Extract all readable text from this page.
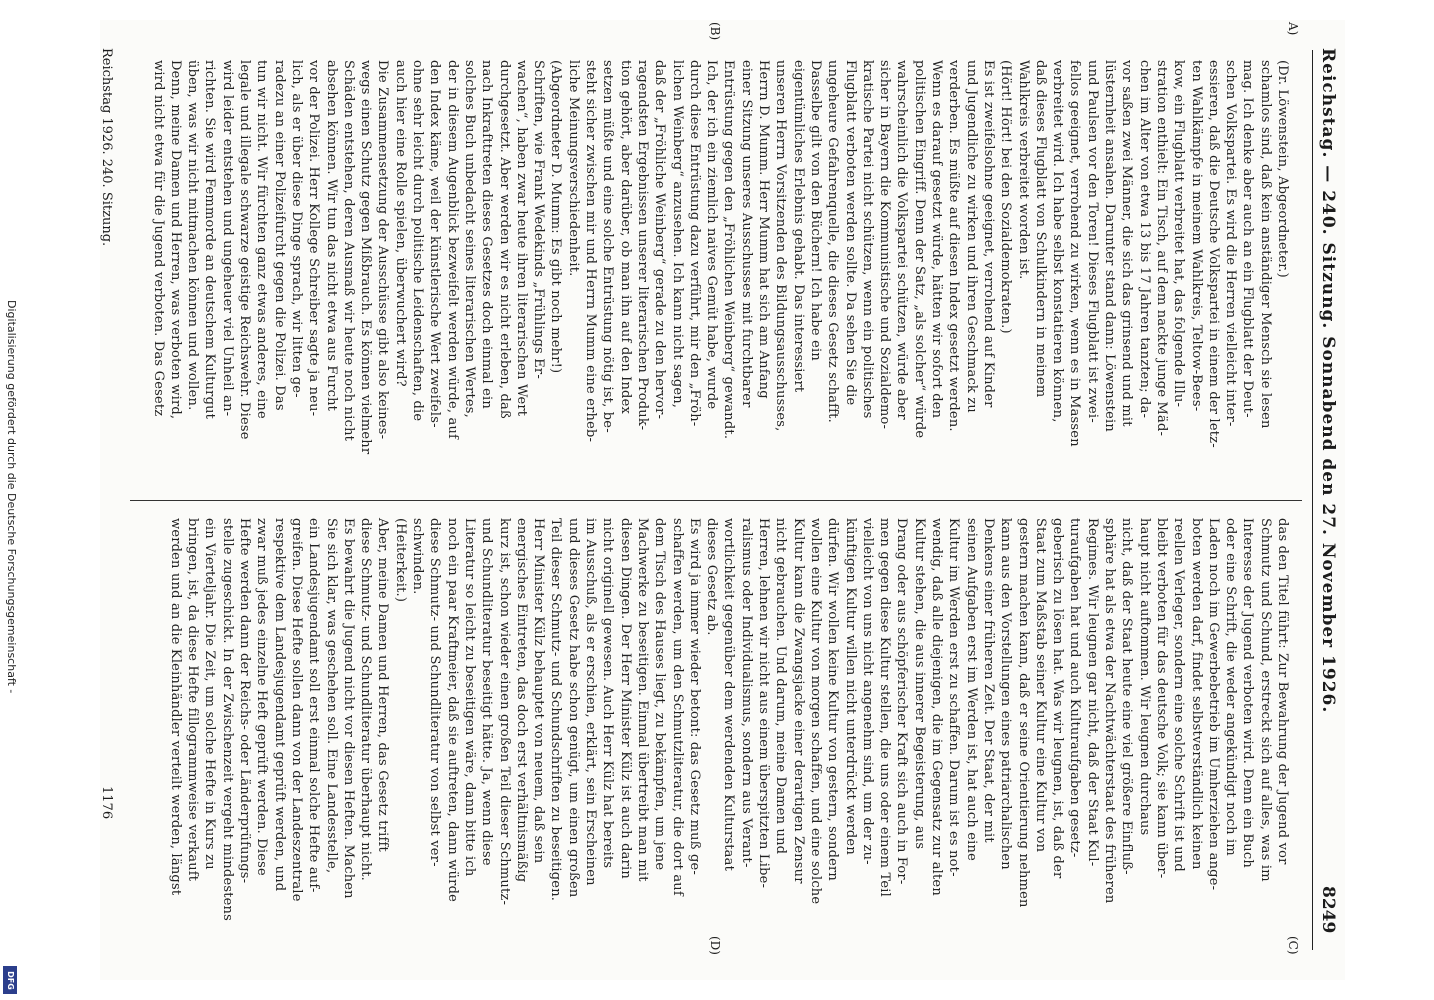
Reichstag. — 240. Sitzung. Sonnabend den 27. November 1926.
8249
A)
(B)
(C)
(D)
(Dr. Löwenstein, Abgeordneter.)
schamlos sind, daß kein anständiger Mensch sie lesen
mag. Ich denke aber auch an ein Flugblatt der Deut-
schen Volkspartei. Es wird die Herren vielleicht inter-
essieren, daß die Deutsche Volkspartei in einem der letz-
ten Wahlkämpfe in meinem Wahlkreis, Teltow-Bees-
kow, ein Flugblatt verbreitet hat, das folgende Illu-
stration enthielt: Ein Tisch, auf dem nackte junge Mäd-
chen im Alter von etwa 13 bis 17 Jahren tanzten; da-
vor saßen zwei Männer, die sich das grinsend und mit
lüsternheit ansahen. Darunter stand dann: Löwenstein
und Paulsen vor den Toren! Dieses Flugblatt ist zwei-
fellos geeignet, verrohend zu wirken, wenn es in Massen
verbreitet wird. Ich habe selbst konstatieren können,
daß dieses Flugblatt von Schulkindern in meinem
Wahlkreis verbreitet worden ist.
(Hört! Hört! bei den Sozialdemokraten.)
Es ist zweifelsohne geeignet, verrohend auf Kinder
und Jugendliche zu wirken und ihren Geschmack zu
verderben. Es müßte auf diesen Index gesetzt werden.
Wenn es darauf gesetzt würde, hätten wir sofort den
politischen Eingriff. Denn der Satz, „als solcher“ würde
wahrscheinlich die Volkspartei schützen, würde aber
sicher in Bayern die Kommunistische und Sozialdemo-
kratische Partei nicht schützen, wenn ein politisches
Flugblatt verboten werden sollte. Da sehen Sie die
ungeheure Gefahrenquelle, die dieses Gesetz schafft.
Dasselbe gilt von den Büchern! Ich habe ein
eigentümliches Erlebnis gehabt. Das interessiert
unseren Herrn Vorsitzenden des Bildungsausschusses,
Herrn D. Mumm. Herr Mumm hat sich am Anfang
einer Sitzung unseres Ausschusses mit furchtbarer
Entrüstung gegen den „Fröhlichen Weinberg“ gewandt.
Ich, der ich ein ziemlich naives Gemüt habe, wurde
durch diese Entrüstung dazu verführt, mir den „Fröh-
lichen Weinberg“ anzusehen. Ich kann nicht sagen,
daß der „Fröhliche Weinberg“ gerade zu den hervor-
ragendsten Ergebnissen unserer literarischen Produk-
tion gehört, aber darüber, ob man ihn auf den Index
setzen müßte und eine solche Entrüstung nötig ist, be-
steht sicher zwischen mir und Herrn Mumm eine erheb-
liche Meinungsverschiedenheit.
(Abgeordneter D. Mumm: Es gibt noch mehr!)
Schriften, wie Frank Wedekinds „Frühlings Er-
wachen“, haben zwar heute ihren literarischen Wert
durchgesetzt. Aber werden wir es nicht erleben, daß
nach Inkrafttreten dieses Gesetzes doch einmal ein
solches Buch unbedacht seines literarischen Wertes,
der in diesem Augenblick bezweifelt werden würde, auf
den Index käme, weil der künstlerische Wert zweifels-
ohne sehr leicht durch politische Leidenschaften, die
auch hier eine Rolle spielen, überwuchert wird?
Die Zusammensetzung der Ausschüsse gibt also keines-
wegs einen Schutz gegen Mißbrauch. Es können vielmehr
Schäden entstehen, deren Ausmaß wir heute noch nicht
absehen können. Wir tun das nicht etwa aus Furcht
vor der Polizei. Herr Kollege Schreiber sagte ja neu-
lich, als er über diese Dinge sprach, wir litten ge-
radezu an einer Polizeifurcht gegen die Polizei. Das
tun wir nicht. Wir fürchten ganz etwas anderes, eine
legale und illegale schwarze geistige Reichswehr. Diese
wird leider entstehen und ungeheuer viel Unheil an-
richten. Sie wird Femmorde an deutschem Kulturgut
üben, was wir nicht mitmachen können und wollen.
Denn, meine Damen und Herren, was verboten wird,
wird nicht etwa für die Jugend verboten. Das Gesetz
das den Titel führt: Zur Bewahrung der Jugend vor
Schmutz und Schund, erstreckt sich auf alles, was im
Interesse der Jugend verboten wird. Denn ein Buch
oder eine Schrift, die weder angekündigt noch im
Laden noch im Gewerbebetrieb im Umherziehen ange-
boten werden darf, findet selbstverständlich keinen
reellen Verleger, sondern eine solche Schrift ist und
bleibt verboten für das deutsche Volk; sie kann über-
haupt nicht auftommen. Wir leugnen durchaus
nicht, daß der Staat heute eine viel größere Einfluß-
sphäre hat als etwa der Nachtwächterstaat des früheren
Regimes. Wir leugnen gar nicht, daß der Staat Kul-
turaufgaben hat und auch Kulturaufgaben gesetz-
geberisch zu lösen hat. Was wir leugnen, ist, daß der
Staat zum Maßstab seiner Kultur eine Kultur von
gestern machen kann, daß er seine Orientierung nehmen
kann aus den Vorstellungen eines patriarchalischen
Denkens einer früheren Zeit. Der Staat, der mit
seinen Aufgaben erst im Werden ist, hat auch eine
Kultur im Werden erst zu schaffen. Darum ist es not-
wendig, daß alle diejenigen, die im Gegensatz zur alten
Kultur stehen, die aus innerer Begeisterung, aus
Drang oder aus schöpferischer Kraft sich auch in For-
men gegen diese Kultur stellen, die uns oder einem Teil
vielleicht von uns nicht angenehm sind, um der zu-
künftigen Kultur willen nicht unterdrückt werden
dürfen. Wir wollen keine Kultur von gestern, sondern
wollen eine Kultur von morgen schaffen, und eine solche
Kultur kann die Zwangsjacke einer derartigen Zensur
nicht gebrauchen. Und darum, meine Damen und
Herren, lehnen wir nicht aus einem überspitzten Libe-
ralismus oder Individualismus, sondern aus Verant-
wortlichkeit gegenüber dem werdenden Kulturstaat
dieses Gesetz ab.
Es wird ja immer wieder betont: das Gesetz muß ge-
schaffen werden, um den Schmutzliteratur, die dort auf
dem Tisch des Hauses liegt, zu bekämpfen, um jene
Machwerke zu beseitigen. Einmal übertreibt man mit
diesen Dingen. Der Herr Minister Külz ist auch darin
nicht originell gewesen. Auch Herr Külz hat bereits
im Ausschuß, als er erschien, erklärt, sein Erscheinen
und dieses Gesetz habe schon genügt, um einen großen
Teil dieser Schmutz- und Schundschriften zu beseitigen.
Herr Minister Külz behauptet von neuem, daß sein
energisches Eintreten, das doch erst verhältnismäßig
kurz ist, schon wieder einen großen Teil dieser Schmutz-
und Schundliteratur beseitigt hätte. Ja, wenn diese
Literatur so leicht zu beseitigen wäre, dann bitte ich
noch ein paar Kraftmeier, daß sie auftreten, dann würde
diese Schmutz- und Schundliteratur von selbst ver-
schwinden.
(Heiterkeit.)
Aber, meine Damen und Herren, das Gesetz trifft
diese Schmutz- und Schundliteratur überhaupt nicht.
Es bewahrt die Jugend nicht vor diesen Heften. Machen
Sie sich klar, was geschehen soll. Eine Landesstelle,
ein Landesjugendamt soll erst einmal solche Hefte auf-
greifen. Diese Hefte sollen dann von der Landeszentrale
respektive dem Landesjugendamt geprüft werden, und
zwar muß jedes einzelne Heft geprüft werden. Diese
Hefte werden dann der Reichs- oder Länderprüfungs-
stelle zugeschickt. In der Zwischenzeit vergeht mindestens
ein Vierteljahr. Die Zeit, um solche Hefte in Kurs zu
bringen, ist, da diese Hefte fillogrammweise verkauft
werden und an die Kleinhändler verteilt werden, längst
Reichstag 1926. 240. Sitzung.
1176
Digitalisierung gefördert durch die Deutsche Forschungsgemeinschaft -
DFG
